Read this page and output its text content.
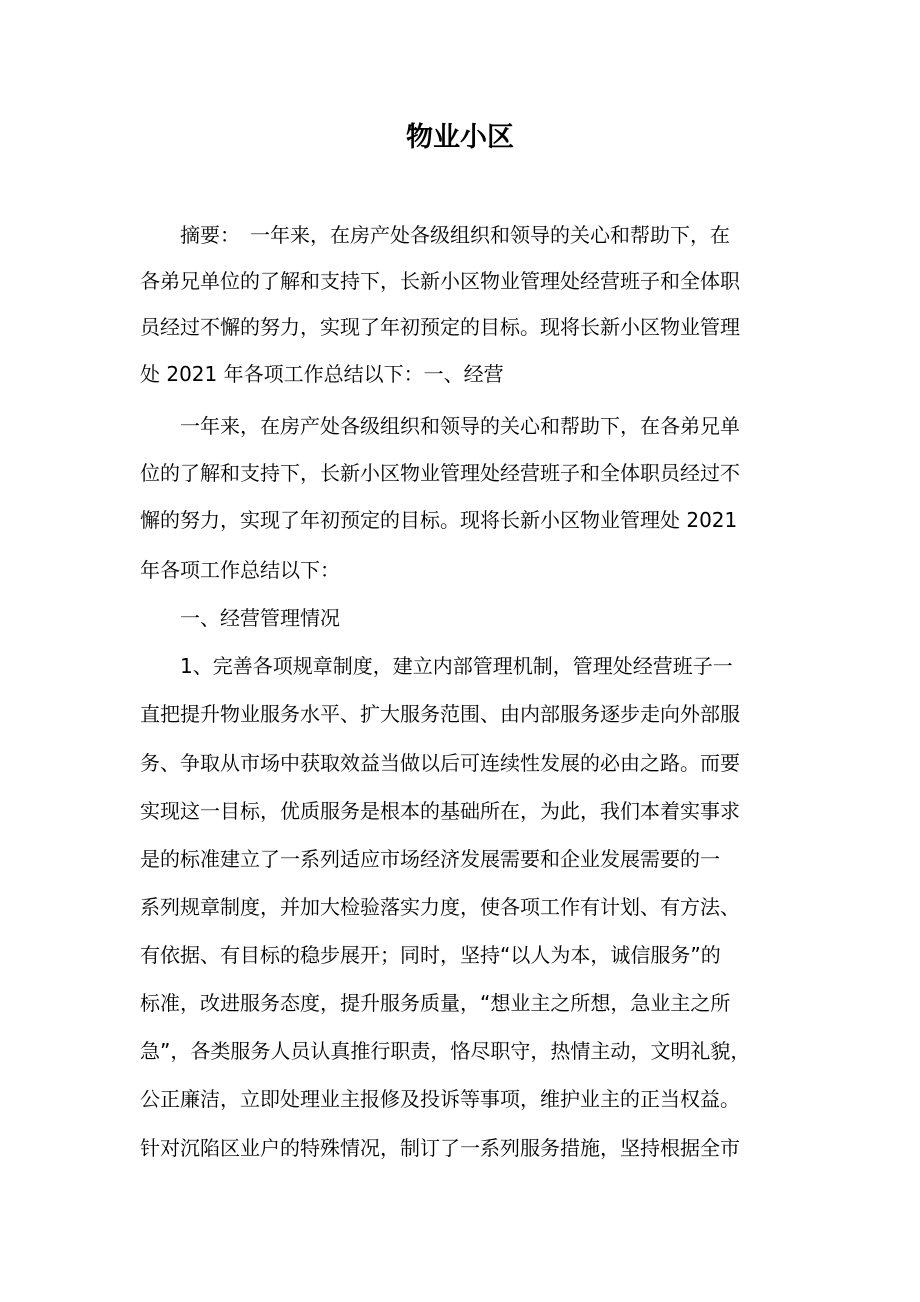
物业小区

　　摘要：　一年来，在房产处各级组织和领导的关心和帮助下，在

各弟兄单位的了解和支持下，长新小区物业管理处经营班子和全体职

员经过不懈的努力，实现了年初预定的目标。现将长新小区物业管理

处 2021 年各项工作总结以下：一、经营

　　一年来，在房产处各级组织和领导的关心和帮助下，在各弟兄单

位的了解和支持下，长新小区物业管理处经营班子和全体职员经过不

懈的努力，实现了年初预定的目标。现将长新小区物业管理处 2021

年各项工作总结以下：

　　一、经营管理情况

　　1、完善各项规章制度，建立内部管理机制，管理处经营班子一

直把提升物业服务水平、扩大服务范围、由内部服务逐步走向外部服

务、争取从市场中获取效益当做以后可连续性发展的必由之路。而要

实现这一目标，优质服务是根本的基础所在，为此，我们本着实事求

是的标准建立了一系列适应市场经济发展需要和企业发展需要的一

系列规章制度，并加大检验落实力度，使各项工作有计划、有方法、

有依据、有目标的稳步展开；同时，坚持“以人为本，诚信服务”的

标准，改进服务态度，提升服务质量，“想业主之所想，急业主之所

急”，各类服务人员认真推行职责，恪尽职守，热情主动，文明礼貌，

公正廉洁，立即处理业主报修及投诉等事项，维护业主的正当权益。

针对沉陷区业户的特殊情况，制订了一系列服务措施，坚持根据全市
